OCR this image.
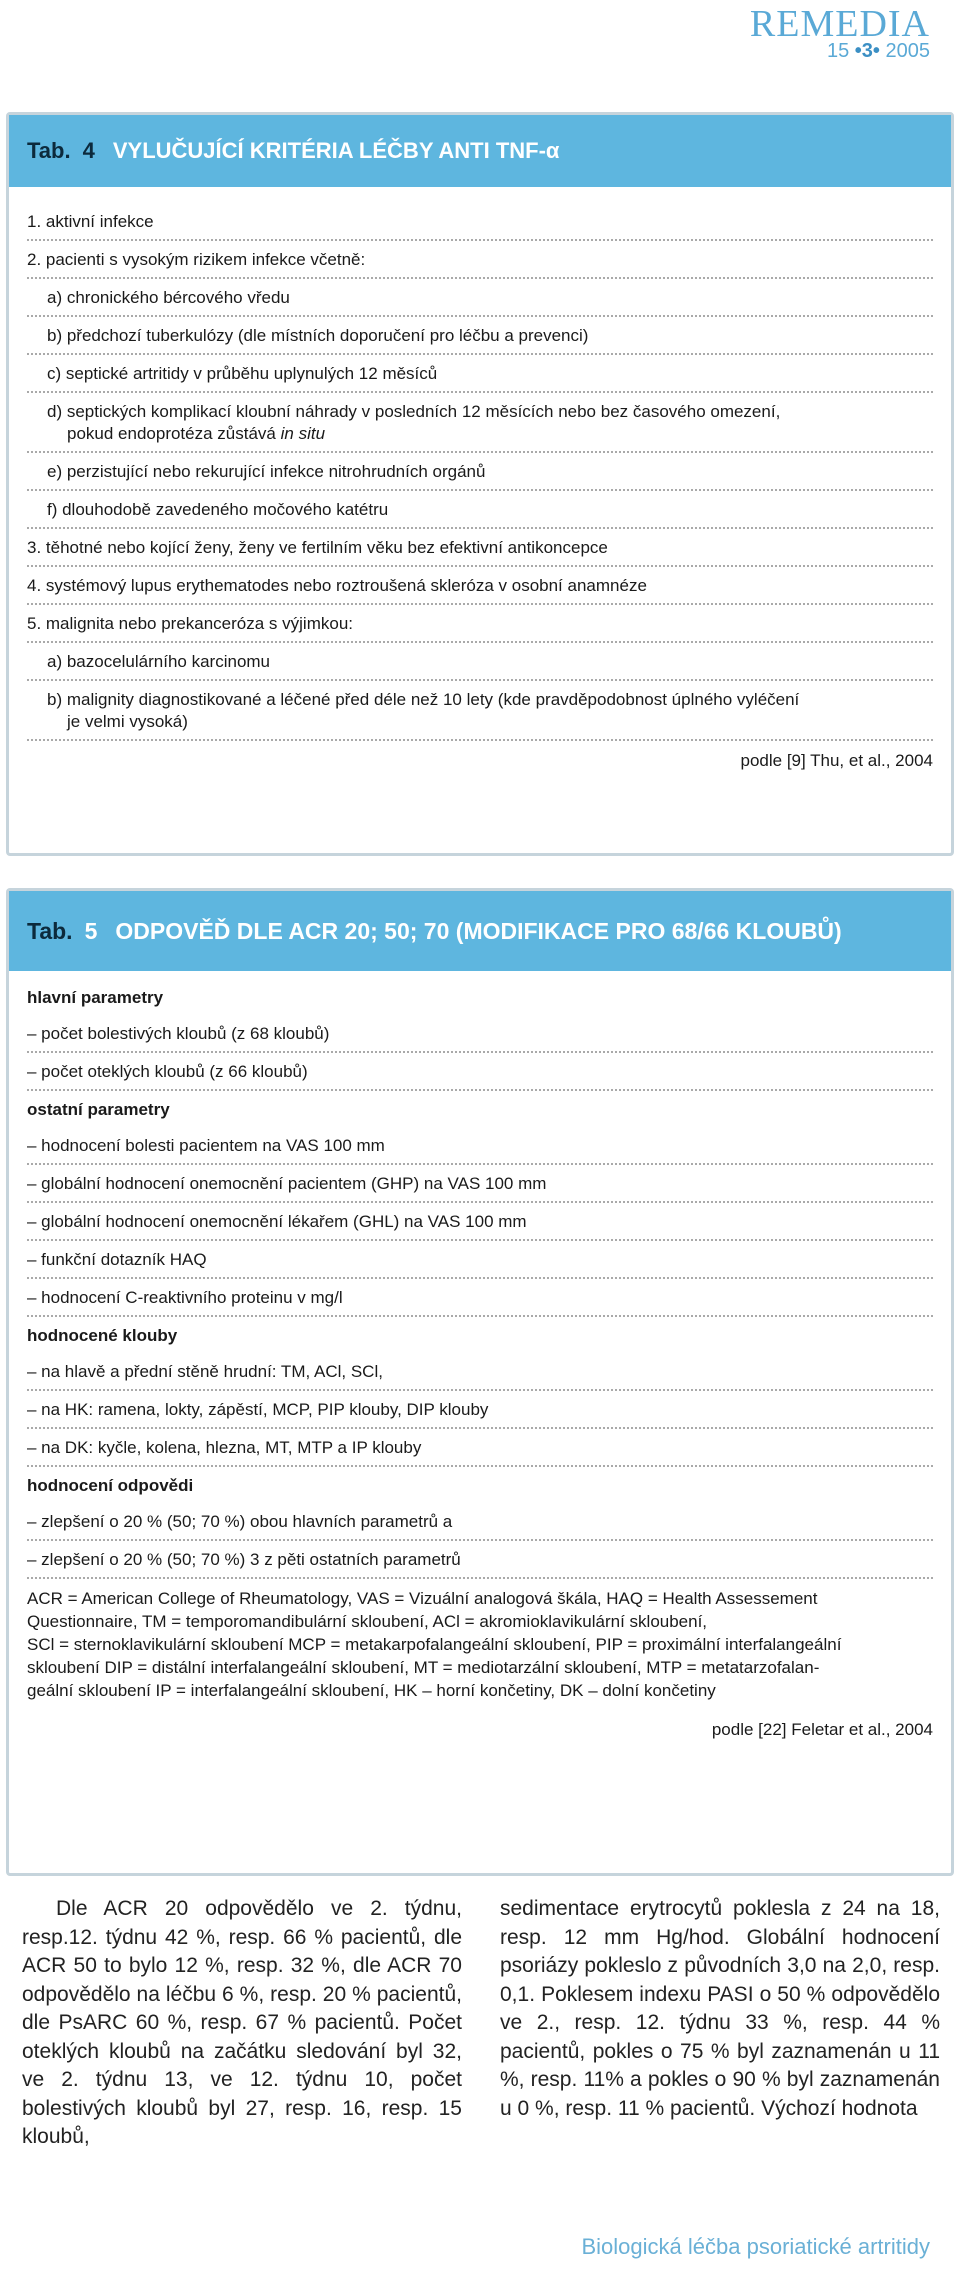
REMEDIA
15 •3• 2005
Tab. 4 VYLUČUJÍCÍ KRITÉRIA LÉČBY ANTI TNF-α
1. aktivní infekce
2. pacienti s vysokým rizikem infekce včetně:
a) chronického bércového vředu
b) předchozí tuberkulózy (dle místních doporučení pro léčbu a prevenci)
c) septické artritidy v průběhu uplynulých 12 měsíců
d) septických komplikací kloubní náhrady v posledních 12 měsících nebo bez časového omezení,
pokud endoprotéza zůstává in situ
e) perzistující nebo rekurující infekce nitrohrudních orgánů
f) dlouhodobě zavedeného močového katétru
3. těhotné nebo kojící ženy, ženy ve fertilním věku bez efektivní antikoncepce
4. systémový lupus erythematodes nebo roztroušená skleróza v osobní anamnéze
5. malignita nebo prekanceróza s výjimkou:
a) bazocelulárního karcinomu
b) malignity diagnostikované a léčené před déle než 10 lety (kde pravděpodobnost úplného vyléčení
je velmi vysoká)
podle [9] Thu, et al., 2004
Tab. 5 ODPOVĚĎ DLE ACR 20; 50; 70 (MODIFIKACE PRO 68/66 KLOUBŮ)
hlavní parametry
– počet bolestivých kloubů (z 68 kloubů)
– počet oteklých kloubů (z 66 kloubů)
ostatní parametry
– hodnocení bolesti pacientem na VAS 100 mm
– globální hodnocení onemocnění pacientem (GHP) na VAS 100 mm
– globální hodnocení onemocnění lékařem (GHL) na VAS 100 mm
– funkční dotazník HAQ
– hodnocení C-reaktivního proteinu v mg/l
hodnocené klouby
– na hlavě a přední stěně hrudní: TM, ACl, SCl,
– na HK: ramena, lokty, zápěstí, MCP, PIP klouby, DIP klouby
– na DK: kyčle, kolena, hlezna, MT, MTP a IP klouby
hodnocení odpovědi
– zlepšení o 20 % (50; 70 %) obou hlavních parametrů a
– zlepšení o 20 % (50; 70 %) 3 z pěti ostatních parametrů
ACR = American College of Rheumatology, VAS = Vizuální analogová škála, HAQ = Health Assessement
Questionnaire, TM = temporomandibulární skloubení, ACl = akromioklavikulární skloubení,
SCl = sternoklavikulární skloubení MCP = metakarpofalangeální skloubení, PIP = proximální interfalangeální
skloubení DIP = distální interfalangeální skloubení, MT = mediotarzální skloubení, MTP = metatarzofalan-
geální skloubení IP = interfalangeální skloubení, HK – horní končetiny, DK – dolní končetiny
podle [22] Feletar et al., 2004

Dle ACR 20 odpovědělo ve 2. týdnu, resp.12. týdnu 42 %, resp. 66 % pacientů, dle ACR 50 to bylo 12 %, resp. 32 %, dle ACR 70 odpovědělo na léčbu 6 %, resp. 20 % pacientů, dle PsARC 60 %, resp. 67 % pacientů. Počet oteklých kloubů na začátku sledování byl 32, ve 2. týdnu 13, ve 12. týdnu 10, počet bolestivých kloubů byl 27, resp. 16, resp. 15 kloubů,

sedimentace erytrocytů poklesla z 24 na 18, resp. 12 mm Hg/hod. Globální hodnocení psoriázy pokleslo z původních 3,0 na 2,0, resp. 0,1. Poklesem indexu PASI o 50 % odpovědělo ve 2., resp. 12. týdnu 33 %, resp. 44 % pacientů, pokles o 75 % byl zaznamenán u 11 %, resp. 11% a pokles o 90 % byl zaznamenán u 0 %, resp. 11 % pacientů. Výchozí hodnota

Biologická léčba psoriatické artritidy
